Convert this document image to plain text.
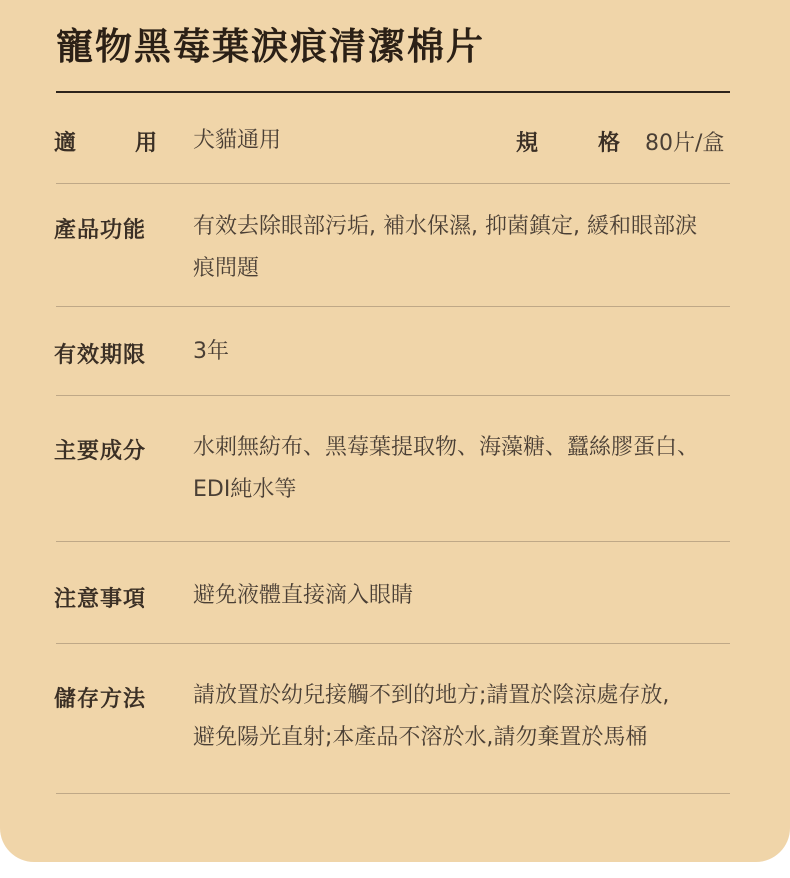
寵物黑莓葉淚痕清潔棉片
適	用 犬貓通用	規	格 80片/盒
產品功能 有效去除眼部污垢, 補水保濕, 抑菌鎮定, 緩和眼部淚
痕問題
有效期限 3年
主要成分 水刺無紡布、黑莓葉提取物、海藻糖、蠶絲膠蛋白、
EDI純水等
注意事項 避免液體直接滴入眼睛
儲存方法 請放置於幼兒接觸不到的地方;請置於陰涼處存放,
避免陽光直射;本產品不溶於水,請勿棄置於馬桶
